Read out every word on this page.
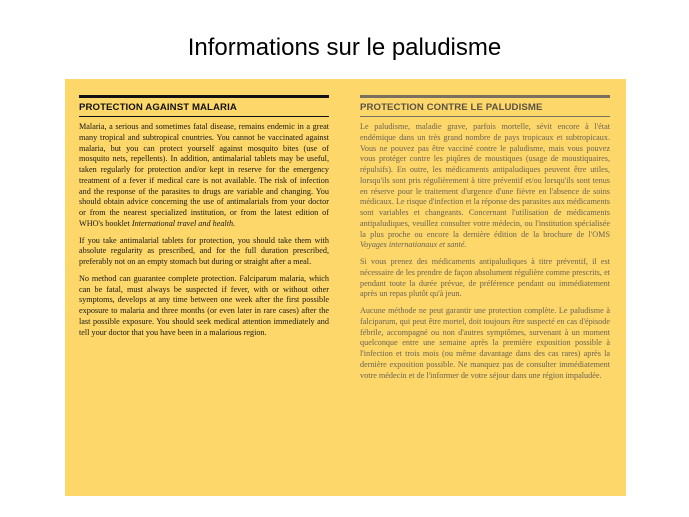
Informations sur le paludisme
PROTECTION AGAINST MALARIA

Malaria, a serious and sometimes fatal disease, remains endemic in a great many tropical and subtropical countries. You cannot be vaccinated against malaria, but you can protect yourself against mosquito bites (use of mosquito nets, repellents). In addition, antimalarial tablets may be useful, taken regularly for protection and/or kept in reserve for the emergency treatment of a fever if medical care is not available. The risk of infection and the response of the parasites to drugs are variable and changing. You should obtain advice concerning the use of antimalarials from your doctor or from the nearest specialized institution, or from the latest edition of WHO's booklet International travel and health.

If you take antimalarial tablets for protection, you should take them with absolute regularity as prescribed, and for the full duration prescribed, preferably not on an empty stomach but during or straight after a meal.

No method can guarantee complete protection. Falciparum malaria, which can be fatal, must always be suspected if fever, with or without other symptoms, develops at any time between one week after the first possible exposure to malaria and three months (or even later in rare cases) after the last possible exposure. You should seek medical attention immediately and tell your doctor that you have been in a malarious region.

PROTECTION CONTRE LE PALUDISME

Le paludisme, maladie grave, parfois mortelle, sévit encore à l'état endémique dans un très grand nombre de pays tropicaux et subtropicaux. Vous ne pouvez pas être vacciné contre le paludisme, mais vous pouvez vous protéger contre les piqûres de moustiques (usage de moustiquaires, répulsifs). En outre, les médicaments antipaludiques peuvent être utiles, lorsqu'ils sont pris régulièrement à titre préventif et/ou lorsqu'ils sont tenus en réserve pour le traitement d'urgence d'une fièvre en l'absence de soins médicaux. Le risque d'infection et la réponse des parasites aux médicaments sont variables et changeants. Concernant l'utilisation de médicaments antipaludiques, veuillez consulter votre médecin, ou l'institution spécialisée la plus proche ou encore la dernière édition de la brochure de l'OMS Voyages internationaux et santé.

Si vous prenez des médicaments antipaludiques à titre préventif, il est nécessaire de les prendre de façon absolument régulière comme prescrits, et pendant toute la durée prévue, de préférence pendant ou immédiatement après un repas plutôt qu'à jeun.

Aucune méthode ne peut garantir une protection complète. Le paludisme à falciparum, qui peut être mortel, doit toujours être suspecté en cas d'épisode fébrile, accompagné ou non d'autres symptômes, survenant à un moment quelconque entre une semaine après la première exposition possible à l'infection et trois mois (ou même davantage dans des cas rares) après la dernière exposition possible. Ne manquez pas de consulter immédiatement votre médecin et de l'informer de votre séjour dans une région impaludée.
